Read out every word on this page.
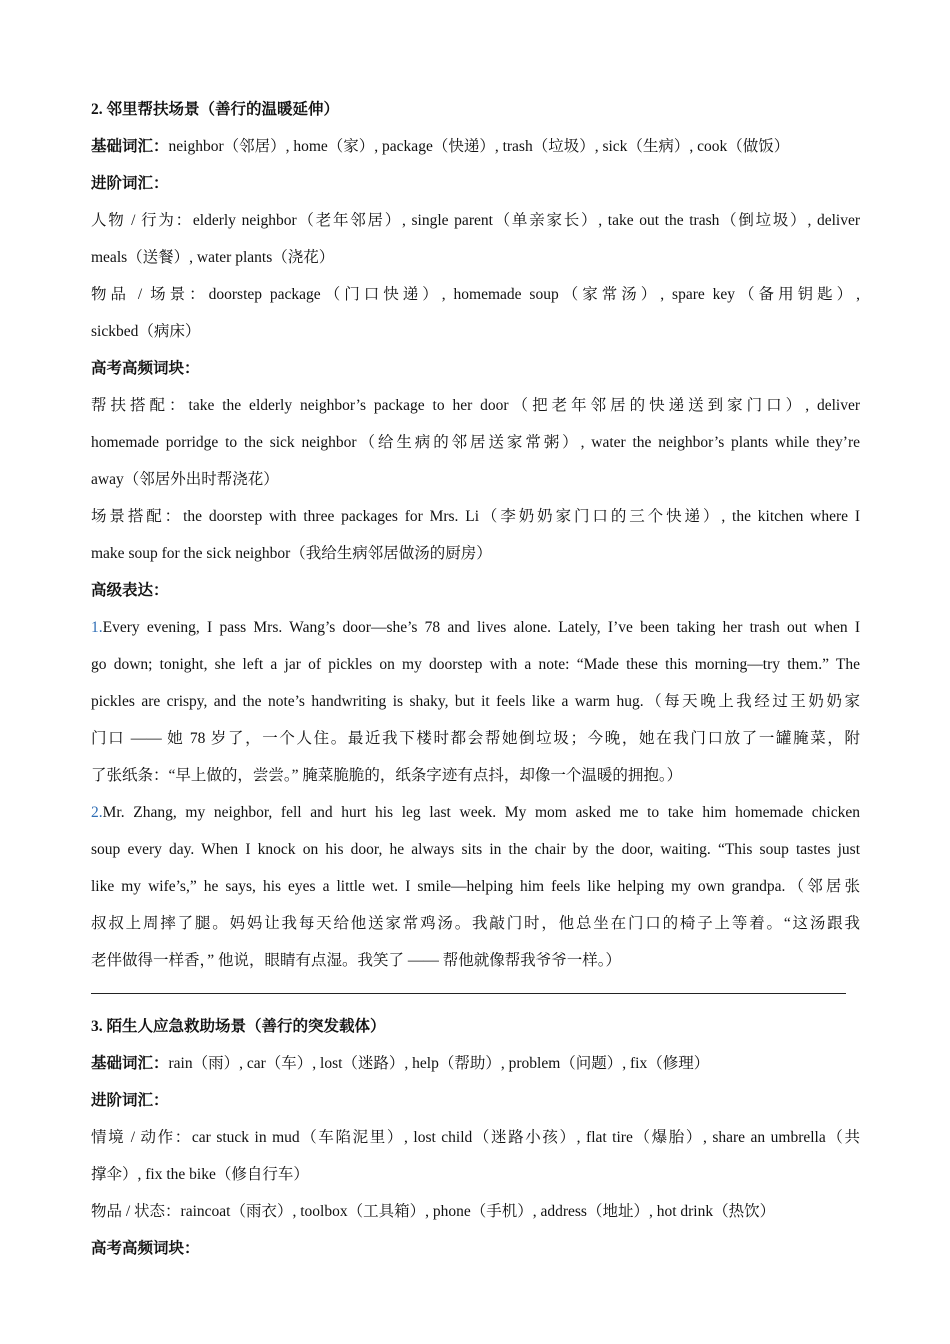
2. 邻里帮扶场景（善行的温暖延伸）
基础词汇：neighbor（邻居）, home（家）, package（快递）, trash（垃圾）, sick（生病）, cook（做饭）
进阶词汇：
人物 / 行为：elderly neighbor（老年邻居）, single parent（单亲家长）, take out the trash（倒垃圾）, deliver
meals（送餐）, water plants（浇花）
物品 / 场景：doorstep package（门口快递）, homemade soup（家常汤）, spare key（备用钥匙）,
sickbed（病床）
高考高频词块：
帮扶搭配：take the elderly neighbor’s package to her door（把老年邻居的快递送到家门口）, deliver
homemade porridge to the sick neighbor（给生病的邻居送家常粥）, water the neighbor’s plants while they’re
away（邻居外出时帮浇花）
场景搭配：the doorstep with three packages for Mrs. Li（李奶奶家门口的三个快递）, the kitchen where I
make soup for the sick neighbor（我给生病邻居做汤的厨房）
高级表达：
1.Every evening, I pass Mrs. Wang’s door—she’s 78 and lives alone. Lately, I’ve been taking her trash out when I
go down; tonight, she left a jar of pickles on my doorstep with a note: “Made these this morning—try them.” The
pickles are crispy, and the note’s handwriting is shaky, but it feels like a warm hug.（每天晚上我经过王奶奶家
门口 —— 她 78 岁了，一个人住。最近我下楼时都会帮她倒垃圾；今晚，她在我门口放了一罐腌菜，附
了张纸条：“早上做的，尝尝。” 腌菜脆脆的，纸条字迹有点抖，却像一个温暖的拥抱。）
2.Mr. Zhang, my neighbor, fell and hurt his leg last week. My mom asked me to take him homemade chicken
soup every day. When I knock on his door, he always sits in the chair by the door, waiting. “This soup tastes just
like my wife’s,” he says, his eyes a little wet. I smile—helping him feels like helping my own grandpa.（邻居张
叔叔上周摔了腿。妈妈让我每天给他送家常鸡汤。我敲门时，他总坐在门口的椅子上等着。“这汤跟我
老伴做得一样香，” 他说，眼睛有点湿。我笑了 —— 帮他就像帮我爷爷一样。）
3. 陌生人应急救助场景（善行的突发载体）
基础词汇：rain（雨）, car（车）, lost（迷路）, help（帮助）, problem（问题）, fix（修理）
进阶词汇：
情境 / 动作：car stuck in mud（车陷泥里）, lost child（迷路小孩）, flat tire（爆胎）, share an umbrella（共
撑伞）, fix the bike（修自行车）
物品 / 状态：raincoat（雨衣）, toolbox（工具箱）, phone（手机）, address（地址）, hot drink（热饮）
高考高频词块：
